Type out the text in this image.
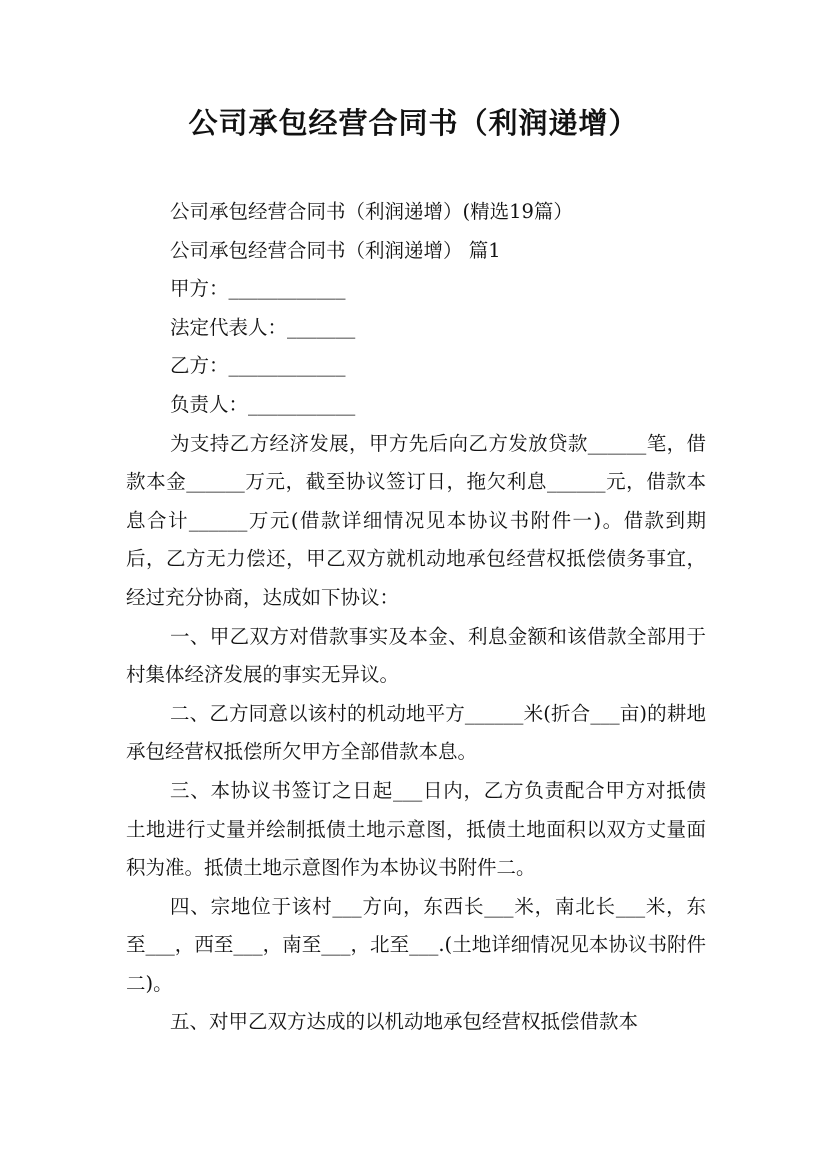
公司承包经营合同书（利润递增）

公司承包经营合同书（利润递增）(精选19篇）

公司承包经营合同书（利润递增） 篇1

甲方：____________

法定代表人：_______

乙方：____________

负责人：___________

为支持乙方经济发展，甲方先后向乙方发放贷款______笔，借款本金______万元，截至协议签订日，拖欠利息______元，借款本息合计______万元(借款详细情况见本协议书附件一)。借款到期后，乙方无力偿还，甲乙双方就机动地承包经营权抵偿债务事宜，经过充分协商，达成如下协议：

一、甲乙双方对借款事实及本金、利息金额和该借款全部用于村集体经济发展的事实无异议。

二、乙方同意以该村的机动地平方______米(折合___亩)的耕地承包经营权抵偿所欠甲方全部借款本息。

三、本协议书签订之日起___日内，乙方负责配合甲方对抵债土地进行丈量并绘制抵债土地示意图，抵债土地面积以双方丈量面积为准。抵债土地示意图作为本协议书附件二。

四、宗地位于该村___方向，东西长___米，南北长___米，东至___，西至___，南至___，北至___.(土地详细情况见本协议书附件二)。

五、对甲乙双方达成的以机动地承包经营权抵偿借款本
